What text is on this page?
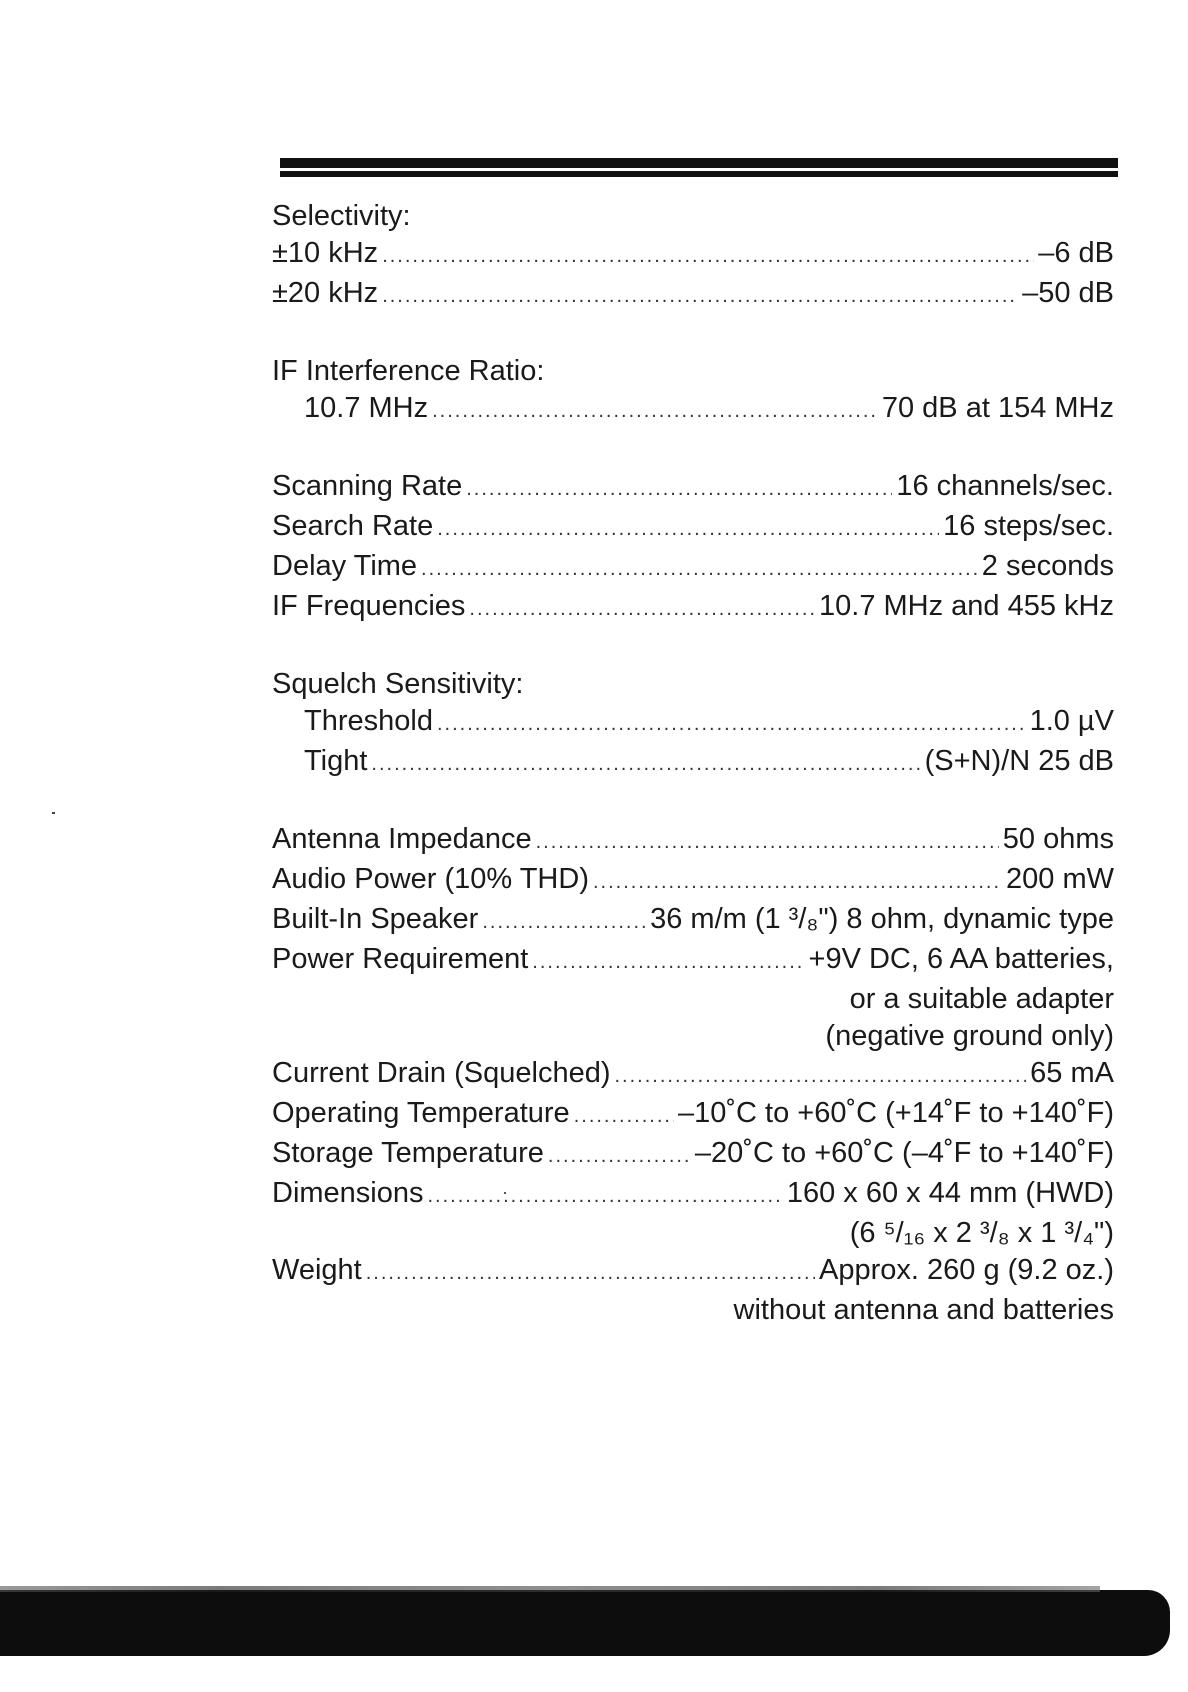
Selectivity:
±10 kHz .....	–6 dB
±20 kHz .....	–50 dB
IF Interference Ratio:
10.7 MHz .....	70 dB at 154 MHz
Scanning Rate .....	16 channels/sec.
Search Rate .....	16 steps/sec.
Delay Time .....	2 seconds
IF Frequencies .....	10.7 MHz and 455 kHz
Squelch Sensitivity:
Threshold .....	1.0 µV
Tight .....	(S+N)/N 25 dB
Antenna Impedance .....	50 ohms
Audio Power (10% THD) .....	200 mW
Built-In Speaker .....	36 m/m (1 ³/₈") 8 ohm, dynamic type
Power Requirement .....	+9V DC, 6 AA batteries,
or a suitable adapter
(negative ground only)
Current Drain (Squelched) .....	65 mA
Operating Temperature .....	–10˚C to +60˚C (+14˚F to +140˚F)
Storage Temperature .....	–20˚C to +60˚C (–4˚F to +140˚F)
Dimensions .....	160 x 60 x 44 mm (HWD)
(6 ⁵/₁₆ x 2 ³/₈ x 1 ³/₄")
Weight .....	Approx. 260 g (9.2 oz.)
without antenna and batteries
